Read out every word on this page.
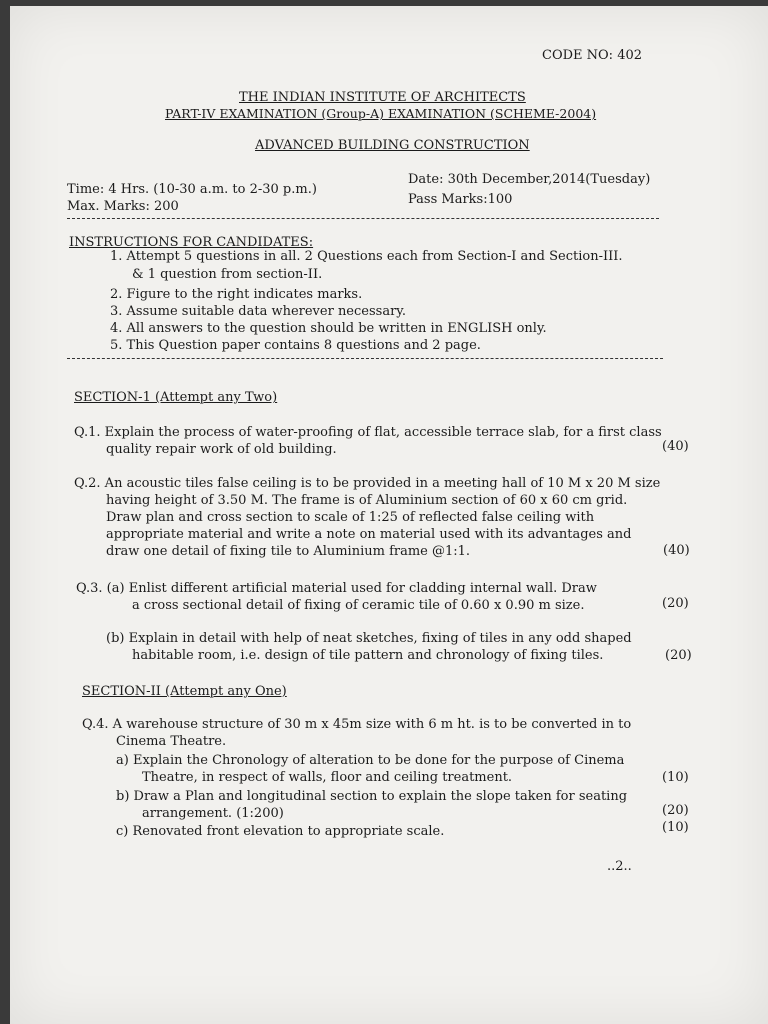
CODE NO: 402
THE INDIAN INSTITUTE OF ARCHITECTS
PART-IV EXAMINATION (Group-A) EXAMINATION (SCHEME-2004)
ADVANCED BUILDING CONSTRUCTION
Time: 4 Hrs. (10-30 a.m. to 2-30 p.m.)
Max. Marks: 200
Date: 30th December,2014(Tuesday)
Pass Marks:100
INSTRUCTIONS FOR CANDIDATES:
1. Attempt 5 questions in all. 2 Questions each from Section-I and Section-III.
& 1 question from section-II.
2. Figure to the right indicates marks.
3. Assume suitable data wherever necessary.
4. All answers to the question should be written in ENGLISH only.
5. This Question paper contains 8 questions and 2 page.
SECTION-1 (Attempt any Two)
Q.1. Explain the process of water-proofing of flat, accessible terrace slab, for a first class
quality repair work of old building.	(40)
Q.2. An acoustic tiles false ceiling is to be provided in a meeting hall of 10 M x 20 M size
having height of 3.50 M. The frame is of Aluminium section of 60 x 60 cm grid.
Draw plan and cross section to scale of 1:25 of reflected false ceiling with
appropriate material and write a note on material used with its advantages and
draw one detail of fixing tile to Aluminium frame @1:1.	(40)
Q.3. (a) Enlist different artificial material used for cladding internal wall. Draw
a cross sectional detail of fixing of ceramic tile of 0.60 x 0.90 m size.	(20)
(b) Explain in detail with help of neat sketches, fixing of tiles in any odd shaped
habitable room, i.e. design of tile pattern and chronology of fixing tiles.	(20)
SECTION-II (Attempt any One)
Q.4. A warehouse structure of 30 m x 45m size with 6 m ht. is to be converted in to
Cinema Theatre.
a) Explain the Chronology of alteration to be done for the purpose of Cinema
Theatre, in respect of walls, floor and ceiling treatment.	(10)
b) Draw a Plan and longitudinal section to explain the slope taken for seating
arrangement. (1:200)	(20)
c) Renovated front elevation to appropriate scale.	(10)
..2..
